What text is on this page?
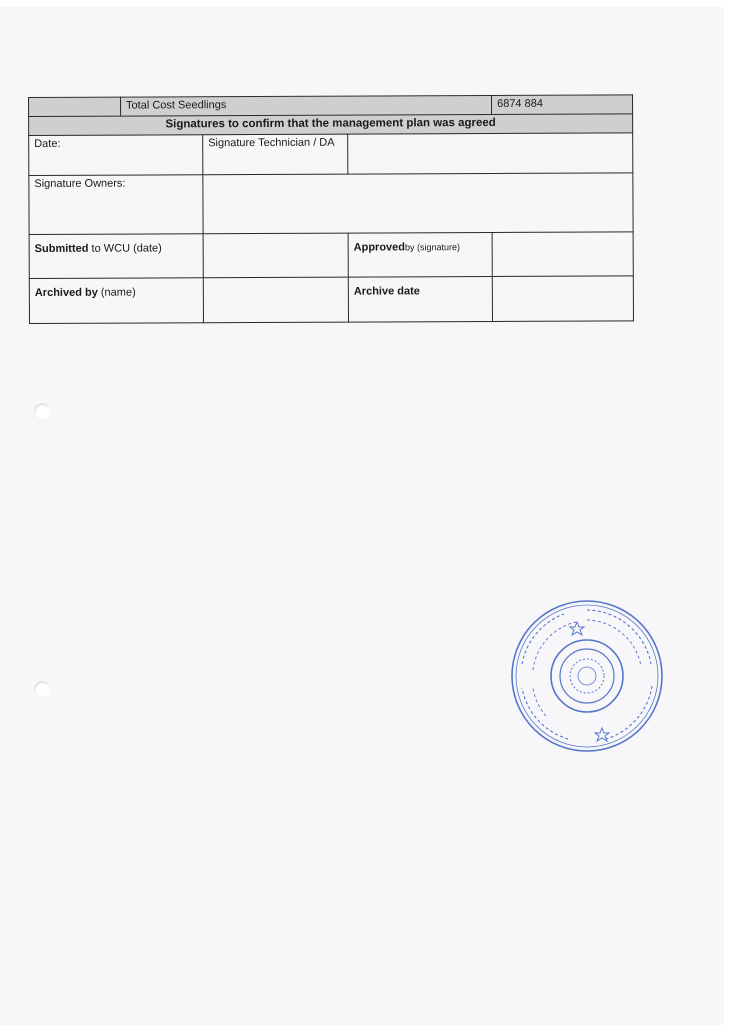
	Total Cost Seedlings			6874 884
Signatures to confirm that the management plan was agreed				
Date:		Signature Technician / DA		
Signature Owners:				
Submitted to WCU (date)			Approvedby (signature)	
Archived by (name)			Archive date	
